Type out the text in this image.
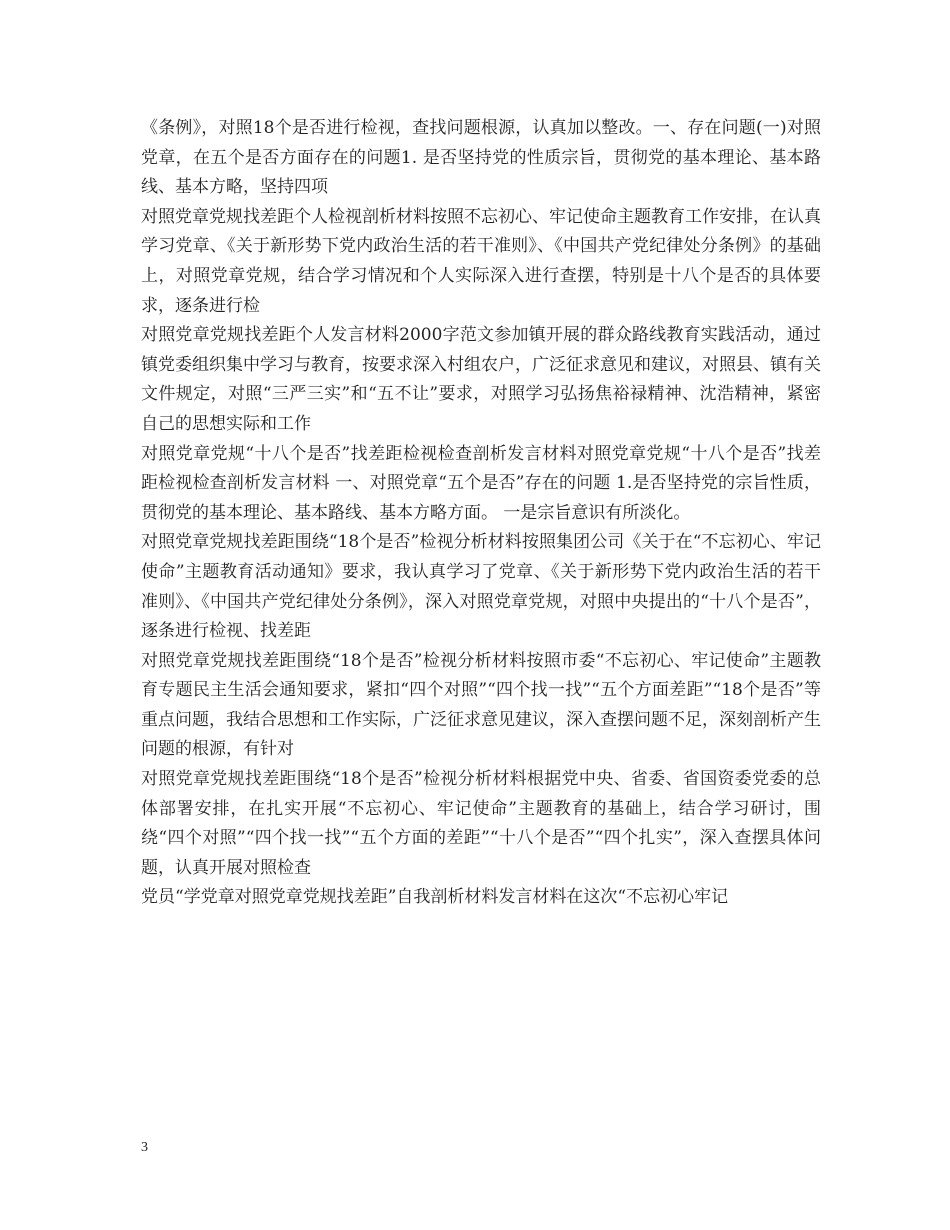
《条例》，对照18个是否进行检视，查找问题根源，认真加以整改。一、存在问题(一)对照党章，在五个是否方面存在的问题1. 是否坚持党的性质宗旨，贯彻党的基本理论、基本路线、基本方略，坚持四项

对照党章党规找差距个人检视剖析材料按照不忘初心、牢记使命主题教育工作安排，在认真学习党章、《关于新形势下党内政治生活的若干准则》、《中国共产党纪律处分条例》的基础上，对照党章党规，结合学习情况和个人实际深入进行查摆，特别是十八个是否的具体要求，逐条进行检

对照党章党规找差距个人发言材料2000字范文参加镇开展的群众路线教育实践活动，通过镇党委组织集中学习与教育，按要求深入村组农户，广泛征求意见和建议，对照县、镇有关文件规定，对照“三严三实”和“五不让”要求，对照学习弘扬焦裕禄精神、沈浩精神，紧密自己的思想实际和工作

对照党章党规“十八个是否”找差距检视检查剖析发言材料对照党章党规“十八个是否”找差距检视检查剖析发言材料 一、对照党章“五个是否”存在的问题 1.是否坚持党的宗旨性质，贯彻党的基本理论、基本路线、基本方略方面。 一是宗旨意识有所淡化。

对照党章党规找差距围绕“18个是否”检视分析材料按照集团公司《关于在“不忘初心、牢记使命”主题教育活动通知》要求，我认真学习了党章、《关于新形势下党内政治生活的若干准则》、《中国共产党纪律处分条例》，深入对照党章党规，对照中央提出的“十八个是否”，逐条进行检视、找差距

对照党章党规找差距围绕“18个是否”检视分析材料按照市委“不忘初心、牢记使命”主题教育专题民主生活会通知要求，紧扣“四个对照”“四个找一找”“五个方面差距”“18个是否”等重点问题，我结合思想和工作实际，广泛征求意见建议，深入查摆问题不足，深刻剖析产生问题的根源，有针对

对照党章党规找差距围绕“18个是否”检视分析材料根据党中央、省委、省国资委党委的总体部署安排，在扎实开展“不忘初心、牢记使命”主题教育的基础上，结合学习研讨，围绕“四个对照”“四个找一找”“五个方面的差距”“十八个是否”“四个扎实”，深入查摆具体问题，认真开展对照检查

党员“学党章对照党章党规找差距”自我剖析材料发言材料在这次“不忘初心牢记

3
